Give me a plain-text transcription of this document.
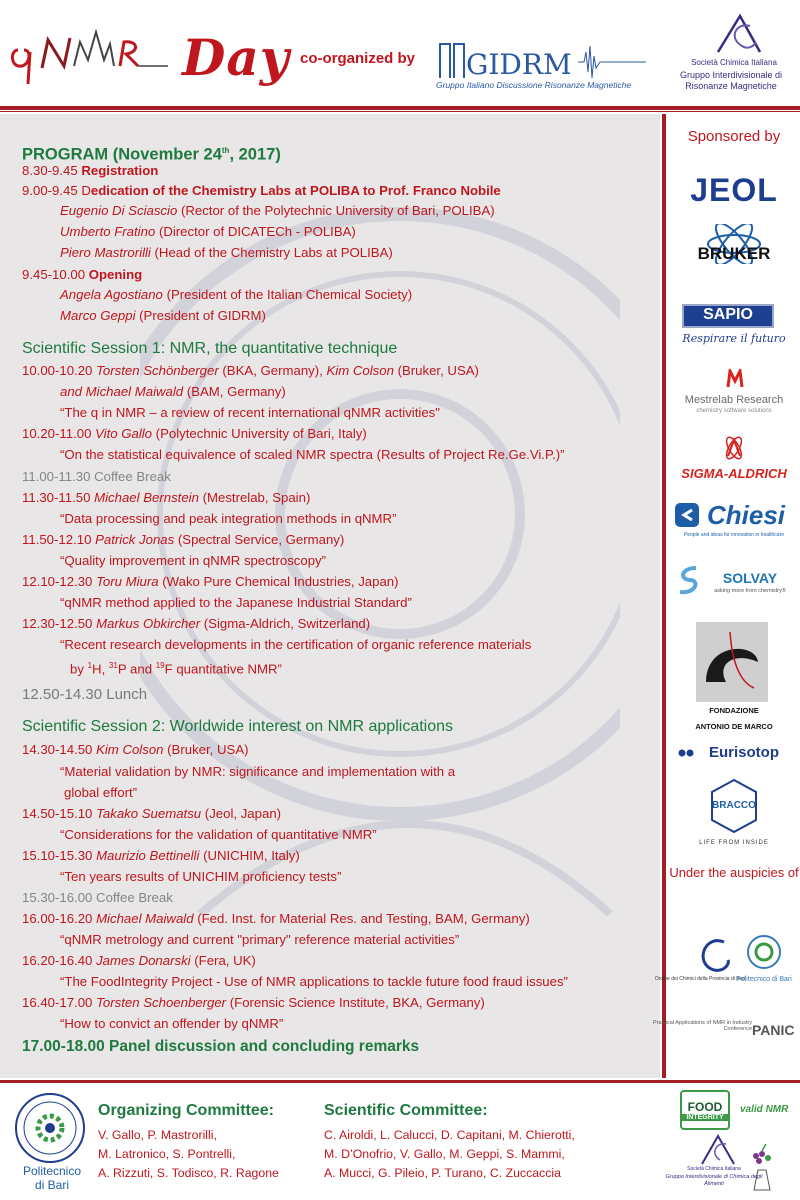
Day co-organized by GIDRM
Gruppo Italiano Discussione Risonanze Magnetiche
Società Chimica Italiana
Gruppo Interdivisionale di Risonanze Magnetiche
PROGRAM (November 24th, 2017)
8.30-9.45 Registration
9.00-9.45 Dedication of the Chemistry Labs at POLIBA to Prof. Franco Nobile
Eugenio Di Sciascio (Rector of the Polytechnic University of Bari, POLIBA)
Umberto Fratino (Director of DICATECh - POLIBA)
Piero Mastrorilli (Head of the Chemistry Labs at POLIBA)
9.45-10.00 Opening
Angela Agostiano (President of the Italian Chemical Society)
Marco Geppi (President of GIDRM)
Scientific Session 1: NMR, the quantitative technique
10.00-10.20 Torsten Schönberger (BKA, Germany), Kim Colson (Bruker, USA)
and Michael Maiwald (BAM, Germany)
“The q in NMR – a review of recent international qNMR activities"
10.20-11.00 Vito Gallo (Polytechnic University of Bari, Italy)
“On the statistical equivalence of scaled NMR spectra (Results of Project Re.Ge.Vi.P.)”
11.00-11.30 Coffee Break
11.30-11.50 Michael Bernstein (Mestrelab, Spain)
“Data processing and peak integration methods in qNMR”
11.50-12.10 Patrick Jonas (Spectral Service, Germany)
“Quality improvement in qNMR spectroscopy”
12.10-12.30 Toru Miura (Wako Pure Chemical Industries, Japan)
“qNMR method applied to the Japanese Industrial Standard”
12.30-12.50 Markus Obkircher (Sigma-Aldrich, Switzerland)
“Recent research developments in the certification of organic reference materials
by $^1$H, $^{31}$P and $^{19}$F quantitative NMR”
12.50-14.30 Lunch
Scientific Session 2: Worldwide interest on NMR applications
14.30-14.50 Kim Colson (Bruker, USA)
“Material validation by NMR: significance and implementation with a
global effort”
14.50-15.10 Takako Suematsu (Jeol, Japan)
“Considerations for the validation of quantitative NMR”
15.10-15.30 Maurizio Bettinelli (UNICHIM, Italy)
“Ten years results of UNICHIM proficiency tests”
15.30-16.00 Coffee Break
16.00-16.20 Michael Maiwald (Fed. Inst. for Material Res. and Testing, BAM, Germany)
“qNMR metrology and current "primary" reference material activities”
16.20-16.40 James Donarski (Fera, UK)
“The FoodIntegrity Project - Use of NMR applications to tackle future food fraud issues”
16.40-17.00 Torsten Schoenberger (Forensic Science Institute, BKA, Germany)
“How to convict an offender by qNMR”
17.00-18.00 Panel discussion and concluding remarks
Sponsored by
JEOL
BRUKER
SAPIO
Respirare il futuro
Mestrelab Research
chemistry software solutions
SIGMA-ALDRICH
Chiesi
People and ideas for innovation in healthcare
SOLVAY
asking more from chemistry®
FONDAZIONE
ANTONIO DE MARCO
Eurisotop
BRACCO
LIFE FROM INSIDE
Under the auspicies of
Ordine dei Chimici della Provincia di Bari
Politecnico di Bari
Practical Applications of NMR in Industry Conference PANIC
Politecnico
di Bari
Organizing Committee:
V. Gallo, P. Mastrorilli,
M. Latronico, S. Pontrelli,
A. Rizzuti, S. Todisco, R. Ragone
Scientific Committee:
C. Airoldi, L. Calucci, D. Capitani, M. Chierotti,
M. D’Onofrio, V. Gallo, M. Geppi, S. Mammi,
A. Mucci, G. Pileio, P. Turano, C. Zuccaccia
FOOD
INTEGRITY
valid NMR
Società Chimica Italiana
Gruppo Interdivisionale di Chimica degli Alimenti
